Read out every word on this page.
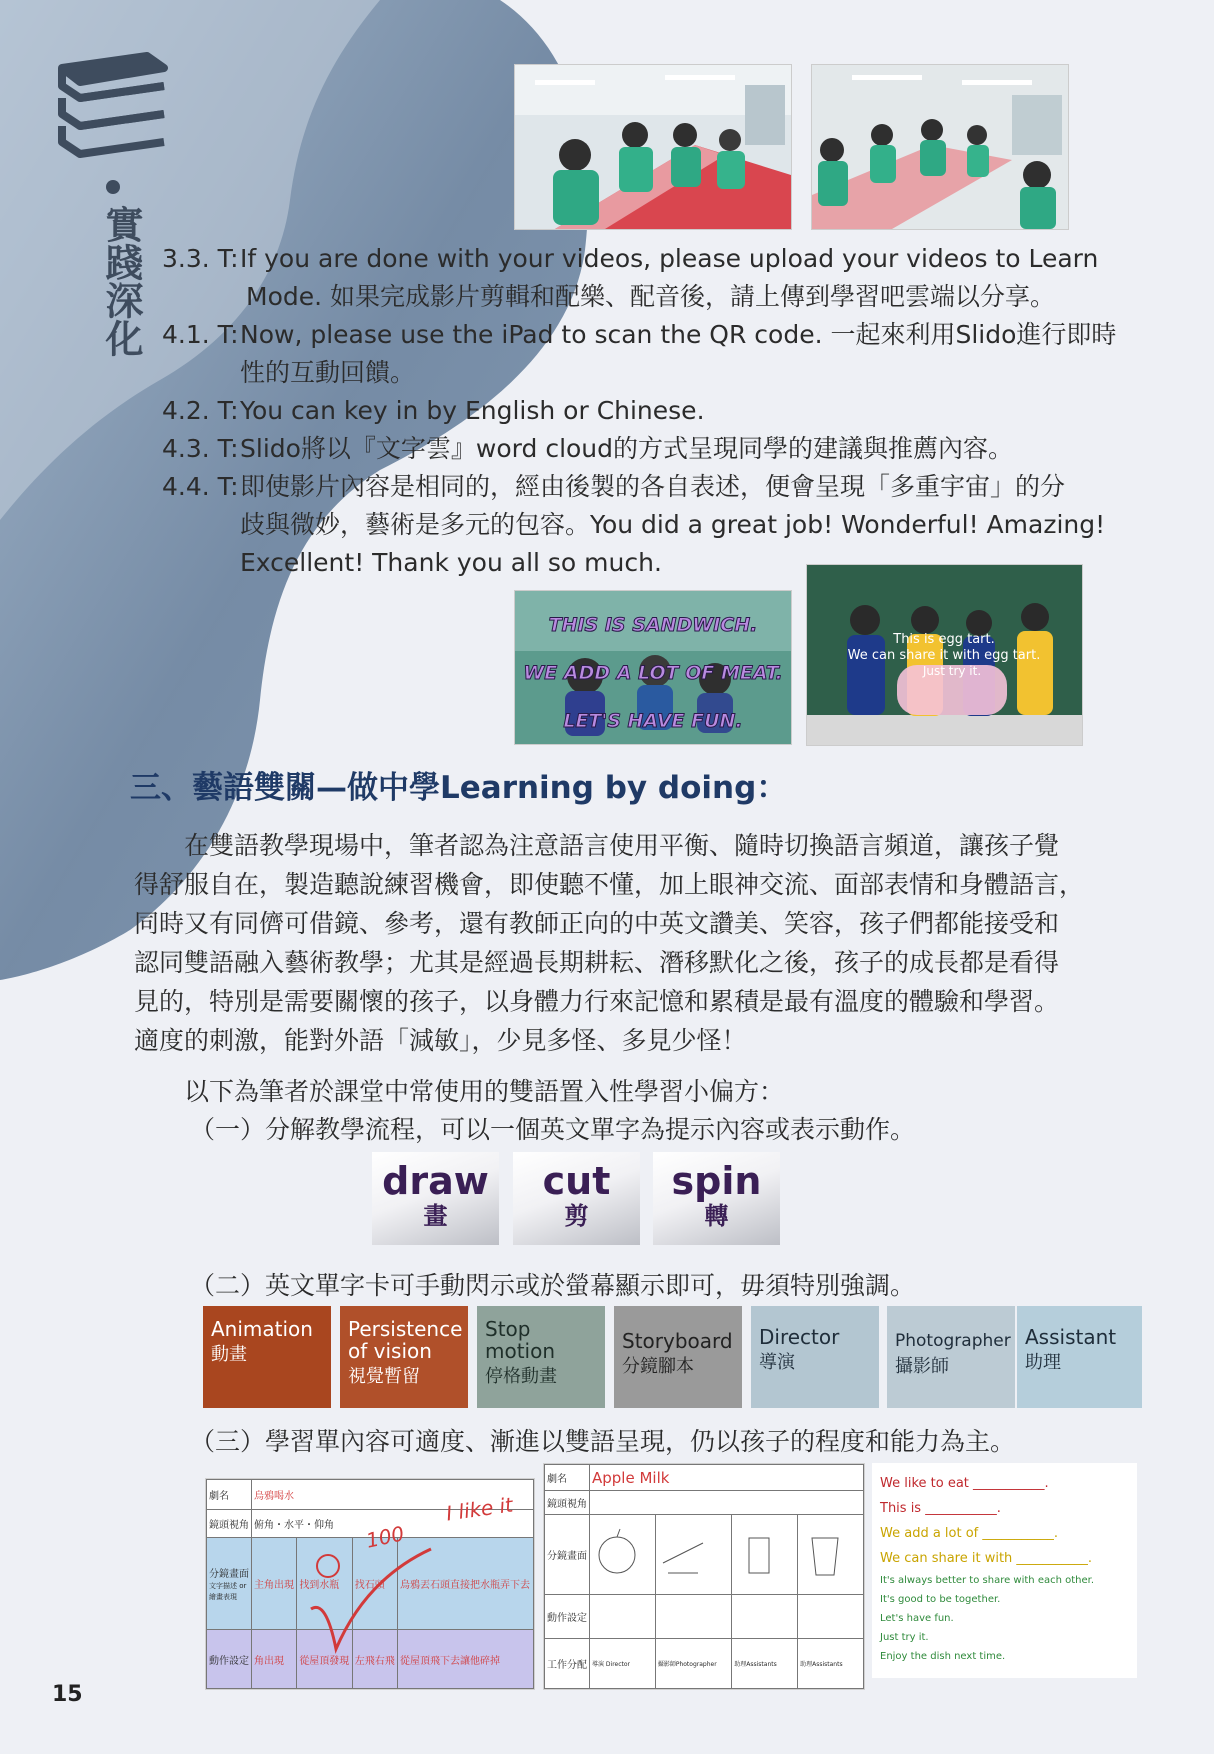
實踐深化 3.3. T:If you are done with your videos, please upload your videos to Learn
Mode. 如果完成影片剪輯和配樂、配音後，請上傳到學習吧雲端以分享。
4.1. T:Now, please use the iPad to scan the QR code. 一起來利用Slido進行即時
性的互動回饋。
4.2. T:You can key in by English or Chinese.
4.3. T:Slido將以『文字雲』word cloud的方式呈現同學的建議與推薦內容。
4.4. T:即使影片內容是相同的，經由後製的各自表述，便會呈現「多重宇宙」的分
歧與微妙，藝術是多元的包容。You did a great job! Wonderful! Amazing!
Excellent! Thank you all so much.
THIS IS SANDWICH.
WE ADD A LOT OF MEAT.
LET'S HAVE FUN.
This is egg tart.
We can share it with egg tart.
Just try it.
三、藝語雙關—做中學Learning by doing：

　　在雙語教學現場中，筆者認為注意語言使用平衡、隨時切換語言頻道，讓孩子覺

得舒服自在，製造聽說練習機會，即使聽不懂，加上眼神交流、面部表情和身體語言，

同時又有同儕可借鏡、參考，還有教師正向的中英文讚美、笑容，孩子們都能接受和

認同雙語融入藝術教學；尤其是經過長期耕耘、潛移默化之後，孩子的成長都是看得

見的，特別是需要關懷的孩子，以身體力行來記憶和累積是最有溫度的體驗和學習。

適度的刺激，能對外語「減敏」，少見多怪、多見少怪！

　　以下為筆者於課堂中常使用的雙語置入性學習小偏方：
（一）分解教學流程，可以一個英文單字為提示內容或表示動作。
draw
畫
cut
剪
spin
轉
（二）英文單字卡可手動閃示或於螢幕顯示即可，毋須特別強調。
Animation
動畫
Persistence of vision
視覺暫留
Stop motion
停格動畫
Storyboard
分鏡腳本
Director
導演
Photographer
攝影師
Assistant
助理
（三）學習單內容可適度、漸進以雙語呈現，仍以孩子的程度和能力為主。
劇名	烏鴉喝水			
鏡頭視角	俯角・水平・仰角			
分鏡畫面
文字描述 or 繪畫表現	主角出現	找到水瓶	找石頭	烏鴉丟石頭直接把水瓶弄下去
動作設定	角出現	從屋頂發現	左飛右飛	從屋頂飛下去讓他碎掉
I like it
100
劇名	Apple Milk			
鏡頭視角				
分鏡畫面				
動作設定				
工作分配	導演 Director	攝影師Photographer	助理Assistants	助理Assistants
We like to eat ___________.
This is ___________.
We add a lot of ___________.
We can share it with ___________.
It's always better to share with each other.
It's good to be together.
Let's have fun.
Just try it.
Enjoy the dish next time.
15
